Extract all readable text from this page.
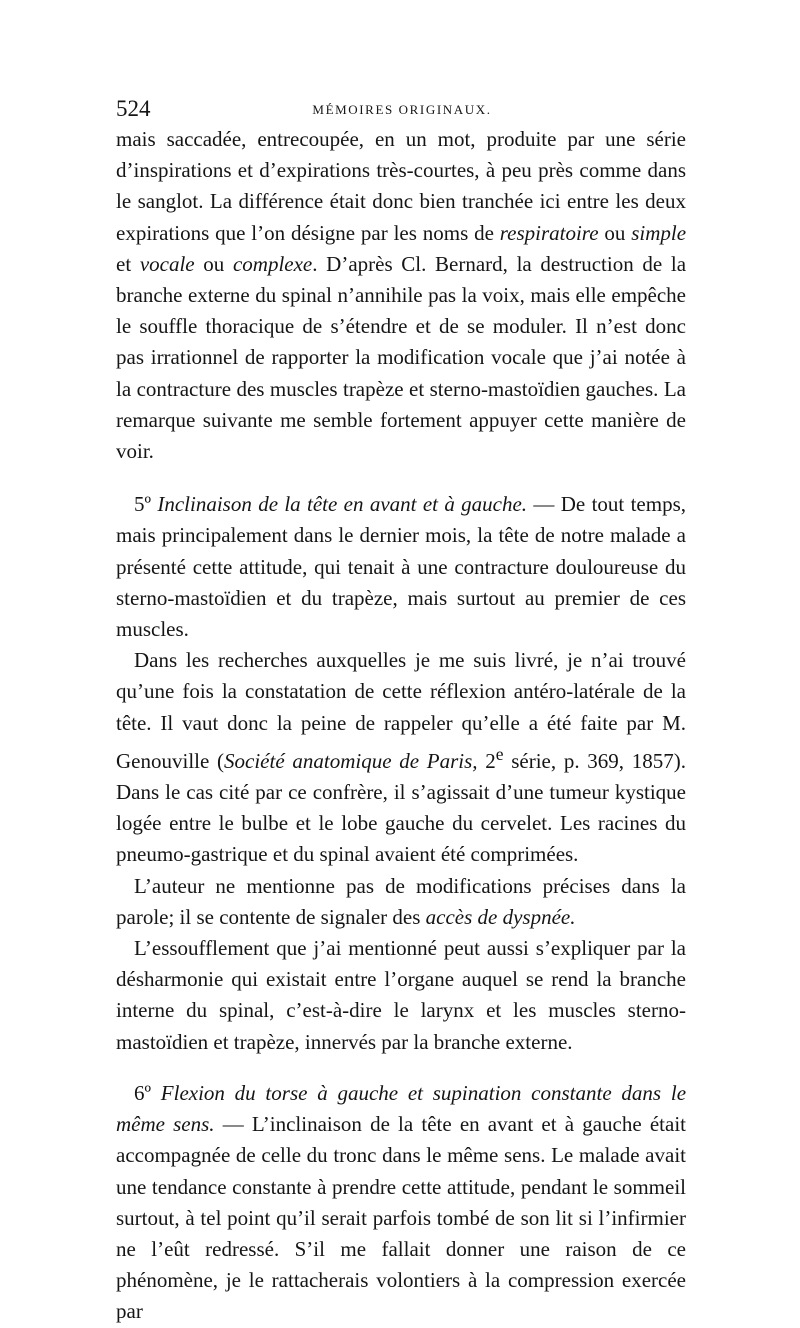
524	MÉMOIRES ORIGINAUX.

mais saccadée, entrecoupée, en un mot, produite par une série d’inspirations et d’expirations très-courtes, à peu près comme dans le sanglot. La différence était donc bien tranchée ici entre les deux expirations que l’on désigne par les noms de respiratoire ou simple et vocale ou complexe. D’après Cl. Bernard, la destruction de la branche externe du spinal n’annihile pas la voix, mais elle empêche le souffle thoracique de s’étendre et de se moduler. Il n’est donc pas irrationnel de rapporter la modification vocale que j’ai notée à la contracture des muscles trapèze et sterno-mastoïdien gauches. La remarque suivante me semble fortement appuyer cette manière de voir.

5º Inclinaison de la tête en avant et à gauche. — De tout temps, mais principalement dans le dernier mois, la tête de notre malade a présenté cette attitude, qui tenait à une contracture douloureuse du sterno-mastoïdien et du trapèze, mais surtout au premier de ces muscles.

Dans les recherches auxquelles je me suis livré, je n’ai trouvé qu’une fois la constatation de cette réflexion antéro-latérale de la tête. Il vaut donc la peine de rappeler qu’elle a été faite par M. Genouville (Société anatomique de Paris, 2e série, p. 369, 1857). Dans le cas cité par ce confrère, il s’agissait d’une tumeur kystique logée entre le bulbe et le lobe gauche du cervelet. Les racines du pneumo-gastrique et du spinal avaient été comprimées.

L’auteur ne mentionne pas de modifications précises dans la parole; il se contente de signaler des accès de dyspnée.

L’essoufflement que j’ai mentionné peut aussi s’expliquer par la désharmonie qui existait entre l’organe auquel se rend la branche interne du spinal, c’est-à-dire le larynx et les muscles sterno-mastoïdien et trapèze, innervés par la branche externe.

6º Flexion du torse à gauche et supination constante dans le même sens. — L’inclinaison de la tête en avant et à gauche était accompagnée de celle du tronc dans le même sens. Le malade avait une tendance constante à prendre cette attitude, pendant le sommeil surtout, à tel point qu’il serait parfois tombé de son lit si l’infirmier ne l’eût redressé. S’il me fallait donner une raison de ce phénomène, je le rattacherais volontiers à la compression exercée par
